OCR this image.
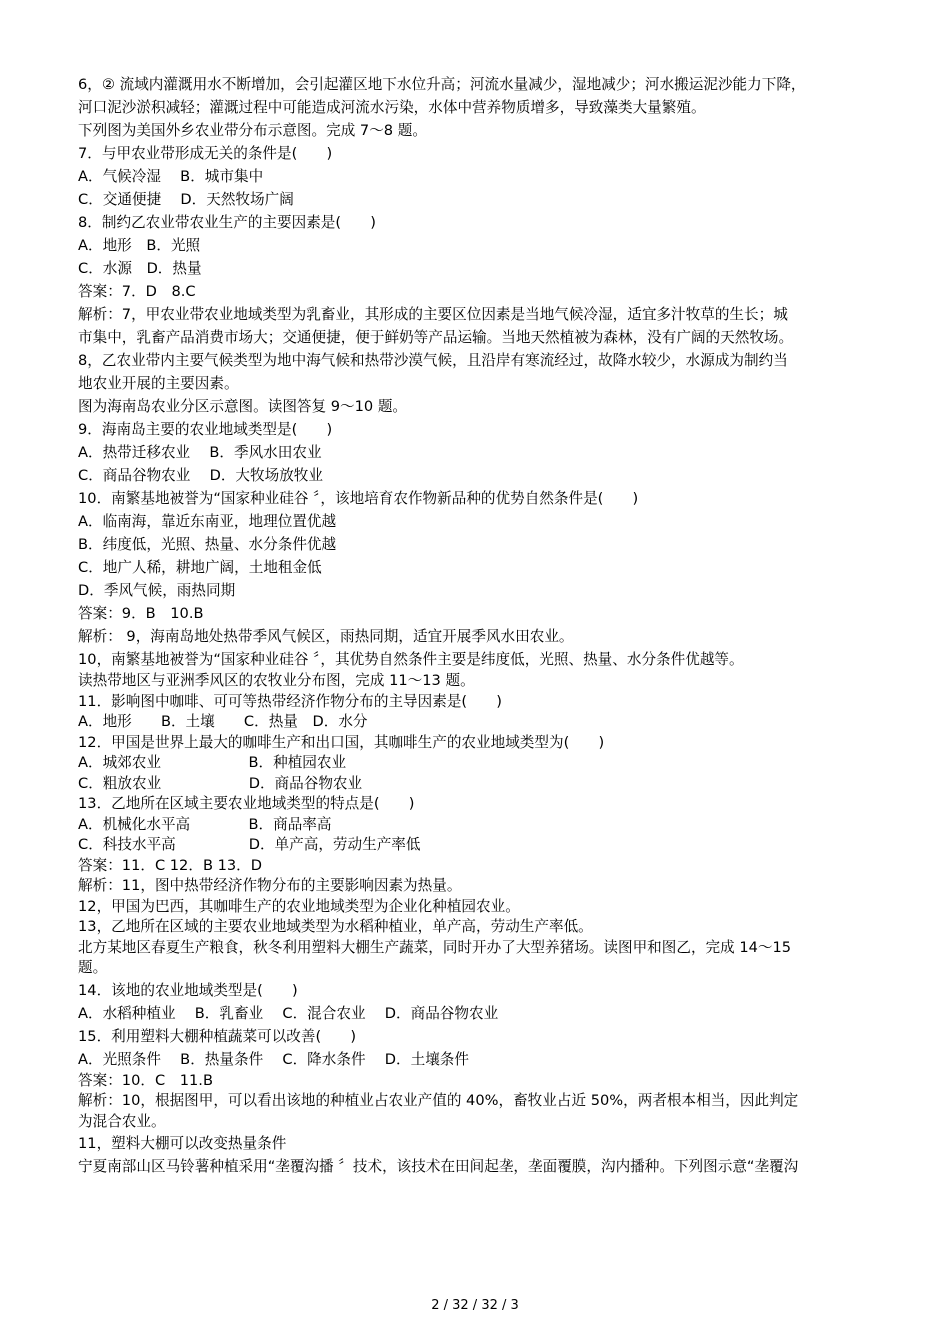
6，② 流域内灌溉用水不断增加，会引起灌区地下水位升高；河流水量减少，湿地减少；河水搬运泥沙能力下降，

河口泥沙淤积减轻；灌溉过程中可能造成河流水污染，水体中营养物质增多，导致藻类大量繁殖。

下列图为美国外乡农业带分布示意图。完成 7～8 题。

7．与甲农业带形成无关的条件是(　　)

A．气候冷湿　 B．城市集中

C．交通便捷　 D．天然牧场广阔

8．制约乙农业带农业生产的主要因素是(　　)

A．地形　B．光照

C．水源　D．热量

答案：7．D　8.C

解析：7，甲农业带农业地域类型为乳畜业，其形成的主要区位因素是当地气候冷湿，适宜多汁牧草的生长；城

市集中，乳畜产品消费市场大；交通便捷，便于鲜奶等产品运输。当地天然植被为森林，没有广阔的天然牧场。

8，乙农业带内主要气候类型为地中海气候和热带沙漠气候，且沿岸有寒流经过，故降水较少，水源成为制约当

地农业开展的主要因素。

图为海南岛农业分区示意图。读图答复 9～10 题。

9．海南岛主要的农业地域类型是(　　)

A．热带迁移农业　 B．季风水田农业

C．商品谷物农业　 D．大牧场放牧业

10．南繁基地被誉为“国家种业硅谷 〞，该地培育农作物新品种的优势自然条件是(　　)

A．临南海，靠近东南亚，地理位置优越

B．纬度低，光照、热量、水分条件优越

C．地广人稀，耕地广阔，土地租金低

D．季风气候，雨热同期

答案：9．B　10.B

解析： 9，海南岛地处热带季风气候区，雨热同期，适宜开展季风水田农业。

10，南繁基地被誉为“国家种业硅谷 〞，其优势自然条件主要是纬度低，光照、热量、水分条件优越等。

读热带地区与亚洲季风区的农牧业分布图，完成 11～13 题。

11．影响图中咖啡、可可等热带经济作物分布的主导因素是(　　)

A．地形　　B．土壤　　C．热量　D．水分

12．甲国是世界上最大的咖啡生产和出口国，其咖啡生产的农业地域类型为(　　)

A．城郊农业　　　　　　B．种植园农业

C．粗放农业　　　　　　D．商品谷物农业

13．乙地所在区域主要农业地域类型的特点是(　　)

A．机械化水平高　　　　B．商品率高

C．科技水平高　　　　　D．单产高，劳动生产率低

答案：11．C 12．B 13．D

解析：11，图中热带经济作物分布的主要影响因素为热量。

12，甲国为巴西，其咖啡生产的农业地域类型为企业化种植园农业。

13，乙地所在区域的主要农业地域类型为水稻种植业，单产高，劳动生产率低。

北方某地区春夏生产粮食，秋冬利用塑料大棚生产蔬菜，同时开办了大型养猪场。读图甲和图乙，完成 14～15

题。

14．该地的农业地域类型是(　　)

A．水稻种植业　 B．乳畜业　 C．混合农业　 D．商品谷物农业

15．利用塑料大棚种植蔬菜可以改善(　　)

A．光照条件　 B．热量条件　 C．降水条件　 D．土壤条件

答案：10．C　11.B

解析：10，根据图甲，可以看出该地的种植业占农业产值的 40%，畜牧业占近 50%，两者根本相当，因此判定

为混合农业。

11，塑料大棚可以改变热量条件

宁夏南部山区马铃薯种植采用“垄覆沟播 〞技术，该技术在田间起垄，垄面覆膜，沟内播种。下列图示意“垄覆沟

2 / 32 / 32 / 3
